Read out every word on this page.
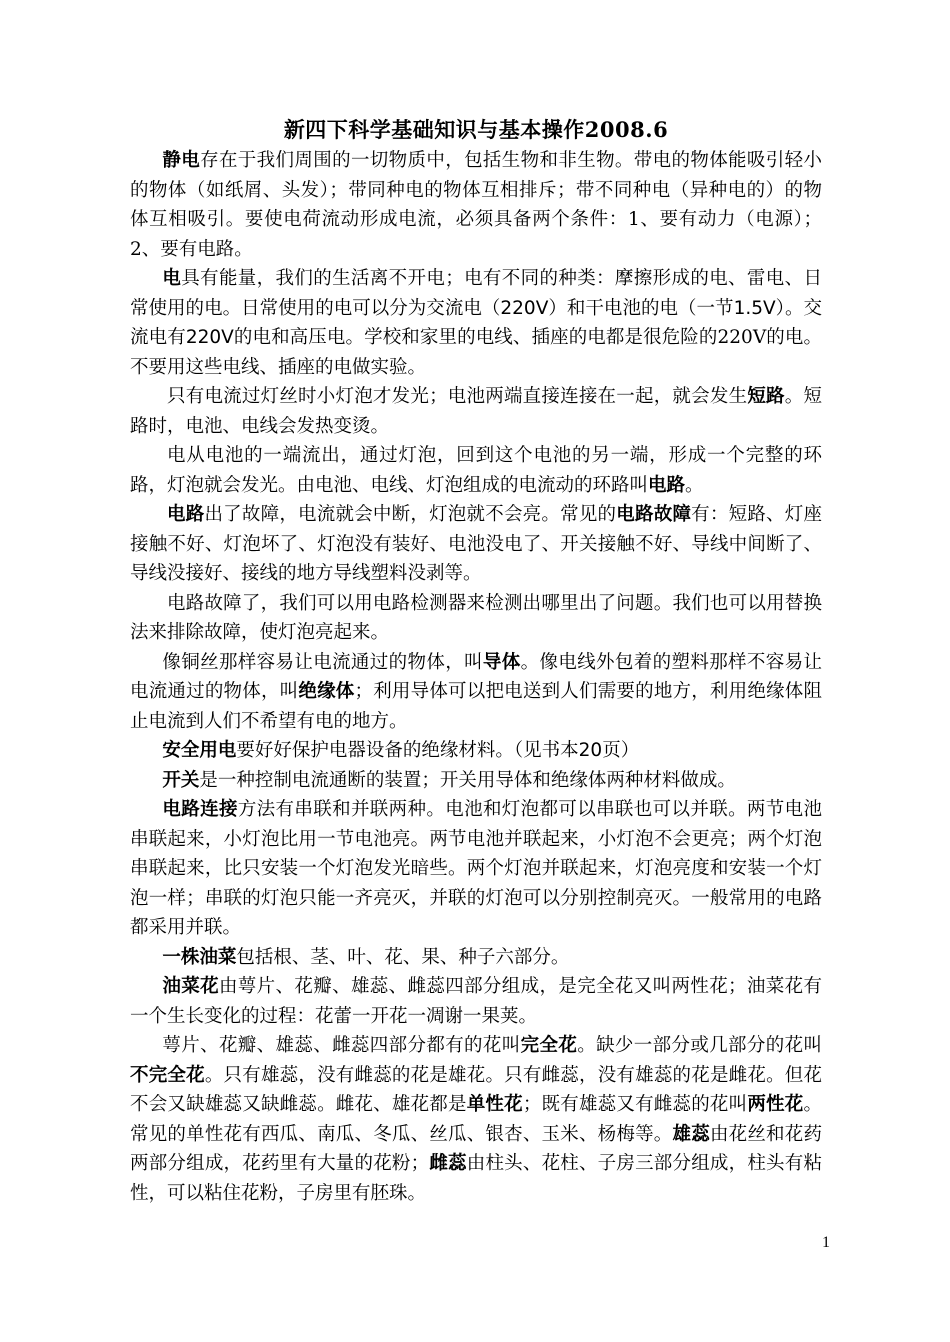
新四下科学基础知识与基本操作2008.6

静电存在于我们周围的一切物质中，包括生物和非生物。带电的物体能吸引轻小的物体（如纸屑、头发）；带同种电的物体互相排斥；带不同种电（异种电的）的物体互相吸引。要使电荷流动形成电流，必须具备两个条件：1、要有动力（电源）；2、要有电路。

电具有能量，我们的生活离不开电；电有不同的种类：摩擦形成的电、雷电、日常使用的电。日常使用的电可以分为交流电（220V）和干电池的电（一节1.5V）。交流电有220V的电和高压电。学校和家里的电线、插座的电都是很危险的220V的电。不要用这些电线、插座的电做实验。

只有电流过灯丝时小灯泡才发光；电池两端直接连接在一起，就会发生短路。短路时，电池、电线会发热变烫。

电从电池的一端流出，通过灯泡，回到这个电池的另一端，形成一个完整的环路，灯泡就会发光。由电池、电线、灯泡组成的电流动的环路叫电路。

电路出了故障，电流就会中断，灯泡就不会亮。常见的电路故障有：短路、灯座接触不好、灯泡坏了、灯泡没有装好、电池没电了、开关接触不好、导线中间断了、导线没接好、接线的地方导线塑料没剥等。

电路故障了，我们可以用电路检测器来检测出哪里出了问题。我们也可以用替换法来排除故障，使灯泡亮起来。

像铜丝那样容易让电流通过的物体，叫导体。像电线外包着的塑料那样不容易让电流通过的物体，叫绝缘体；利用导体可以把电送到人们需要的地方，利用绝缘体阻止电流到人们不希望有电的地方。

安全用电要好好保护电器设备的绝缘材料。（见书本20页）

开关是一种控制电流通断的装置；开关用导体和绝缘体两种材料做成。

电路连接方法有串联和并联两种。电池和灯泡都可以串联也可以并联。两节电池串联起来，小灯泡比用一节电池亮。两节电池并联起来，小灯泡不会更亮；两个灯泡串联起来，比只安装一个灯泡发光暗些。两个灯泡并联起来，灯泡亮度和安装一个灯泡一样；串联的灯泡只能一齐亮灭，并联的灯泡可以分别控制亮灭。一般常用的电路都采用并联。

一株油菜包括根、茎、叶、花、果、种子六部分。

油菜花由萼片、花瓣、雄蕊、雌蕊四部分组成，是完全花又叫两性花；油菜花有一个生长变化的过程：花蕾一开花一凋谢一果荚。

萼片、花瓣、雄蕊、雌蕊四部分都有的花叫完全花。缺少一部分或几部分的花叫不完全花。只有雄蕊，没有雌蕊的花是雄花。只有雌蕊，没有雄蕊的花是雌花。但花不会又缺雄蕊又缺雌蕊。雌花、雄花都是单性花；既有雄蕊又有雌蕊的花叫两性花。常见的单性花有西瓜、南瓜、冬瓜、丝瓜、银杏、玉米、杨梅等。雄蕊由花丝和花药两部分组成，花药里有大量的花粉；雌蕊由柱头、花柱、子房三部分组成，柱头有粘性，可以粘住花粉，子房里有胚珠。

1
